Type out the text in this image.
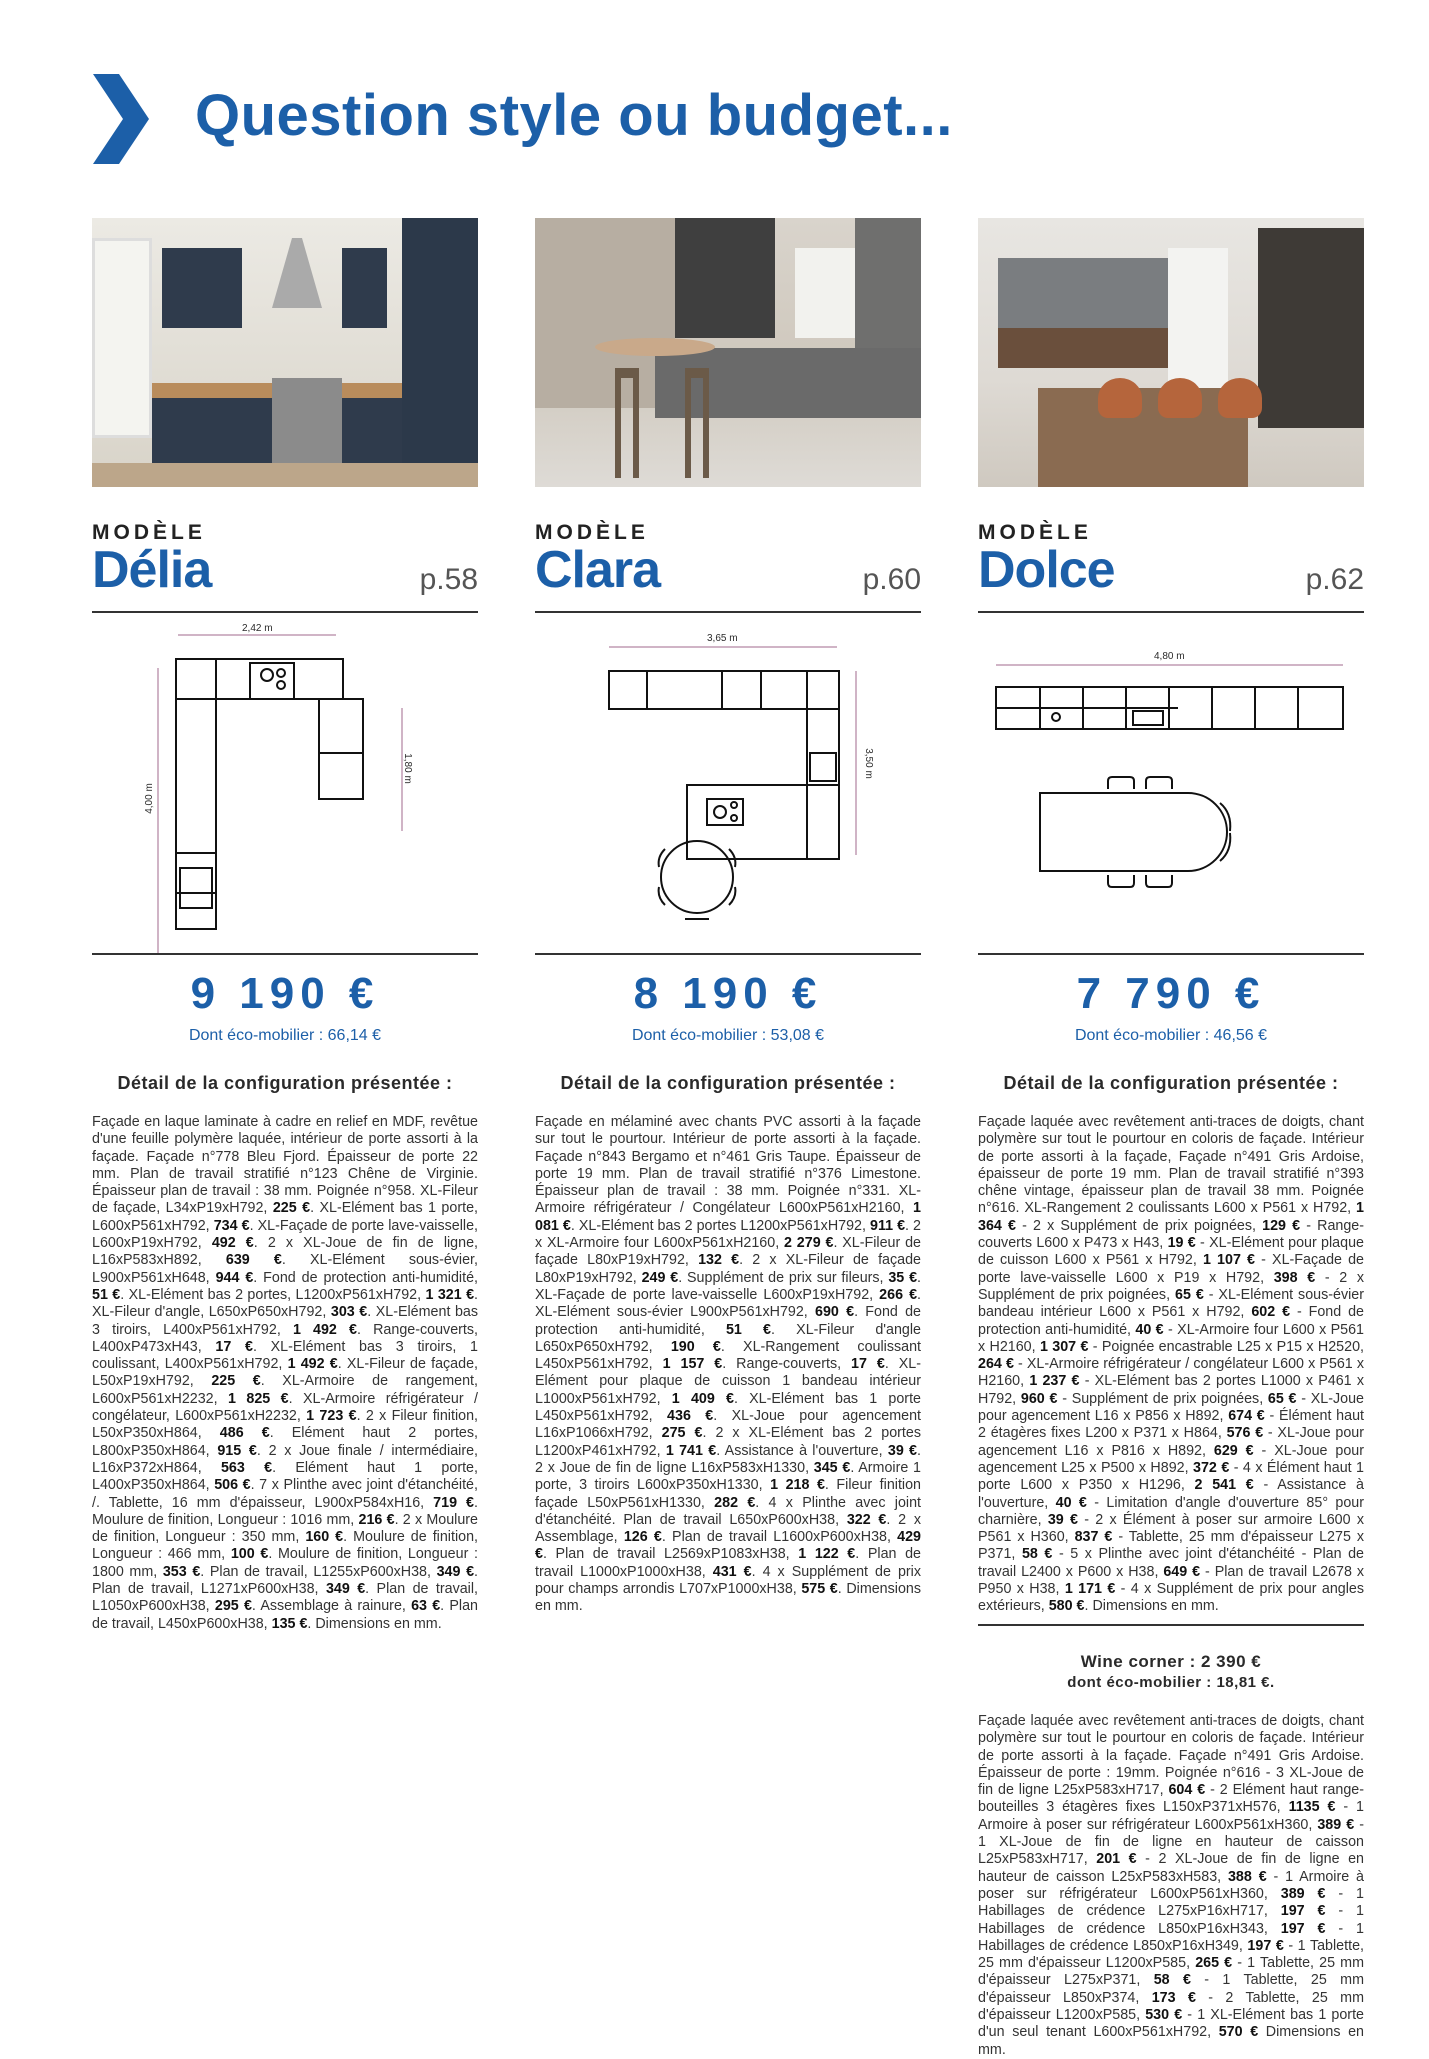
Question style ou budget...
MODÈLE
Délia	p.58
2,42 m
4,00 m
1,80 m
9 190 €
Dont éco-mobilier : 66,14 €
Détail de la configuration présentée :

Façade en laque laminate à cadre en relief en MDF, revêtue d'une feuille polymère laquée, intérieur de porte assorti à la façade. Façade n°778 Bleu Fjord. Épaisseur de porte 22 mm. Plan de travail stratifié n°123 Chêne de Virginie. Épaisseur plan de travail : 38 mm. Poignée n°958. XL-Fileur de façade, L34xP19xH792, 225 €. XL-Elément bas 1 porte, L600xP561xH792, 734 €. XL-Façade de porte lave-vaisselle, L600xP19xH792, 492 €. 2 x XL-Joue de fin de ligne, L16xP583xH892, 639 €. XL-Elément sous-évier, L900xP561xH648, 944 €. Fond de protection anti-humidité, 51 €. XL-Elément bas 2 portes, L1200xP561xH792, 1 321 €. XL-Fileur d'angle, L650xP650xH792, 303 €. XL-Elément bas 3 tiroirs, L400xP561xH792, 1 492 €. Range-couverts, L400xP473xH43, 17 €. XL-Elément bas 3 tiroirs, 1 coulissant, L400xP561xH792, 1 492 €. XL-Fileur de façade, L50xP19xH792, 225 €. XL-Armoire de rangement, L600xP561xH2232, 1 825 €. XL-Armoire réfrigérateur / congélateur, L600xP561xH2232, 1 723 €. 2 x Fileur finition, L50xP350xH864, 486 €. Elément haut 2 portes, L800xP350xH864, 915 €. 2 x Joue finale / intermédiaire, L16xP372xH864, 563 €. Elément haut 1 porte, L400xP350xH864, 506 €. 7 x Plinthe avec joint d'étanchéité, /. Tablette, 16 mm d'épaisseur, L900xP584xH16, 719 €. Moulure de finition, Longueur : 1016 mm, 216 €. 2 x Moulure de finition, Longueur : 350 mm, 160 €. Moulure de finition, Longueur : 466 mm, 100 €. Moulure de finition, Longueur : 1800 mm, 353 €. Plan de travail, L1255xP600xH38, 349 €. Plan de travail, L1271xP600xH38, 349 €. Plan de travail, L1050xP600xH38, 295 €. Assemblage à rainure, 63 €. Plan de travail, L450xP600xH38, 135 €. Dimensions en mm.

MODÈLE
Clara	p.60
3,65 m
3,50 m
8 190 €
Dont éco-mobilier : 53,08 €
Détail de la configuration présentée :

Façade en mélaminé avec chants PVC assorti à la façade sur tout le pourtour. Intérieur de porte assorti à la façade. Façade n°843 Bergamo et n°461 Gris Taupe. Épaisseur de porte 19 mm. Plan de travail stratifié n°376 Limestone. Épaisseur plan de travail : 38 mm. Poignée n°331. XL-Armoire réfrigérateur / Congélateur L600xP561xH2160, 1 081 €. XL-Elément bas 2 portes L1200xP561xH792, 911 €. 2 x XL-Armoire four L600xP561xH2160, 2 279 €. XL-Fileur de façade L80xP19xH792, 132 €. 2 x XL-Fileur de façade L80xP19xH792, 249 €. Supplément de prix sur fileurs, 35 €. XL-Façade de porte lave-vaisselle L600xP19xH792, 266 €. XL-Elément sous-évier L900xP561xH792, 690 €. Fond de protection anti-humidité, 51 €. XL-Fileur d'angle L650xP650xH792, 190 €. XL-Rangement coulissant L450xP561xH792, 1 157 €. Range-couverts, 17 €. XL-Elément pour plaque de cuisson 1 bandeau intérieur L1000xP561xH792, 1 409 €. XL-Elément bas 1 porte L450xP561xH792, 436 €. XL-Joue pour agencement L16xP1066xH792, 275 €. 2 x XL-Elément bas 2 portes L1200xP461xH792, 1 741 €. Assistance à l'ouverture, 39 €. 2 x Joue de fin de ligne L16xP583xH1330, 345 €. Armoire 1 porte, 3 tiroirs L600xP350xH1330, 1 218 €. Fileur finition façade L50xP561xH1330, 282 €. 4 x Plinthe avec joint d'étanchéité. Plan de travail L650xP600xH38, 322 €. 2 x Assemblage, 126 €. Plan de travail L1600xP600xH38, 429 €. Plan de travail L2569xP1083xH38, 1 122 €. Plan de travail L1000xP1000xH38, 431 €. 4 x Supplément de prix pour champs arrondis L707xP1000xH38, 575 €. Dimensions en mm.

MODÈLE
Dolce	p.62
4,80 m
7 790 €
Dont éco-mobilier : 46,56 €
Détail de la configuration présentée :

Façade laquée avec revêtement anti-traces de doigts, chant polymère sur tout le pourtour en coloris de façade. Intérieur de porte assorti à la façade, Façade n°491 Gris Ardoise, épaisseur de porte 19 mm. Plan de travail stratifié n°393 chêne vintage, épaisseur plan de travail 38 mm. Poignée n°616. XL-Rangement 2 coulissants L600 x P561 x H792, 1 364 € - 2 x Supplément de prix poignées, 129 € - Range-couverts L600 x P473 x H43, 19 € - XL-Elément pour plaque de cuisson L600 x P561 x H792, 1 107 € - XL-Façade de porte lave-vaisselle L600 x P19 x H792, 398 € - 2 x Supplément de prix poignées, 65 € - XL-Elément sous-évier bandeau intérieur L600 x P561 x H792, 602 € - Fond de protection anti-humidité, 40 € - XL-Armoire four L600 x P561 x H2160, 1 307 € - Poignée encastrable L25 x P15 x H2520, 264 € - XL-Armoire réfrigérateur / congélateur L600 x P561 x H2160, 1 237 € - XL-Elément bas 2 portes L1000 x P461 x H792, 960 € - Supplément de prix poignées, 65 € - XL-Joue pour agencement L16 x P856 x H892, 674 € - Élément haut 2 étagères fixes L200 x P371 x H864, 576 € - XL-Joue pour agencement L16 x P816 x H892, 629 € - XL-Joue pour agencement L25 x P500 x H892, 372 € - 4 x Élément haut 1 porte L600 x P350 x H1296, 2 541 € - Assistance à l'ouverture, 40 € - Limitation d'angle d'ouverture 85° pour charnière, 39 € - 2 x Élément à poser sur armoire L600 x P561 x H360, 837 € - Tablette, 25 mm d'épaisseur L275 x P371, 58 € - 5 x Plinthe avec joint d'étanchéité - Plan de travail L2400 x P600 x H38, 649 € - Plan de travail L2678 x P950 x H38, 1 171 € - 4 x Supplément de prix pour angles extérieurs, 580 €. Dimensions en mm.

Wine corner : 2 390 €
dont éco-mobilier : 18,81 €.

Façade laquée avec revêtement anti-traces de doigts, chant polymère sur tout le pourtour en coloris de façade. Intérieur de porte assorti à la façade. Façade n°491 Gris Ardoise. Épaisseur de porte : 19mm. Poignée n°616 - 3 XL-Joue de fin de ligne L25xP583xH717, 604 € - 2 Elément haut range-bouteilles 3 étagères fixes L150xP371xH576, 1135 € - 1 Armoire à poser sur réfrigérateur L600xP561xH360, 389 € - 1 XL-Joue de fin de ligne en hauteur de caisson L25xP583xH717, 201 € - 2 XL-Joue de fin de ligne en hauteur de caisson L25xP583xH583, 388 € - 1 Armoire à poser sur réfrigérateur L600xP561xH360, 389 € - 1 Habillages de crédence L275xP16xH717, 197 € - 1 Habillages de crédence L850xP16xH343, 197 € - 1 Habillages de crédence L850xP16xH349, 197 € - 1 Tablette, 25 mm d'épaisseur L1200xP585, 265 € - 1 Tablette, 25 mm d'épaisseur L275xP371, 58 € - 1 Tablette, 25 mm d'épaisseur L850xP374, 173 € - 2 Tablette, 25 mm d'épaisseur L1200xP585, 530 € - 1 XL-Elément bas 1 porte d'un seul tenant L600xP561xH792, 570 € Dimensions en mm.
